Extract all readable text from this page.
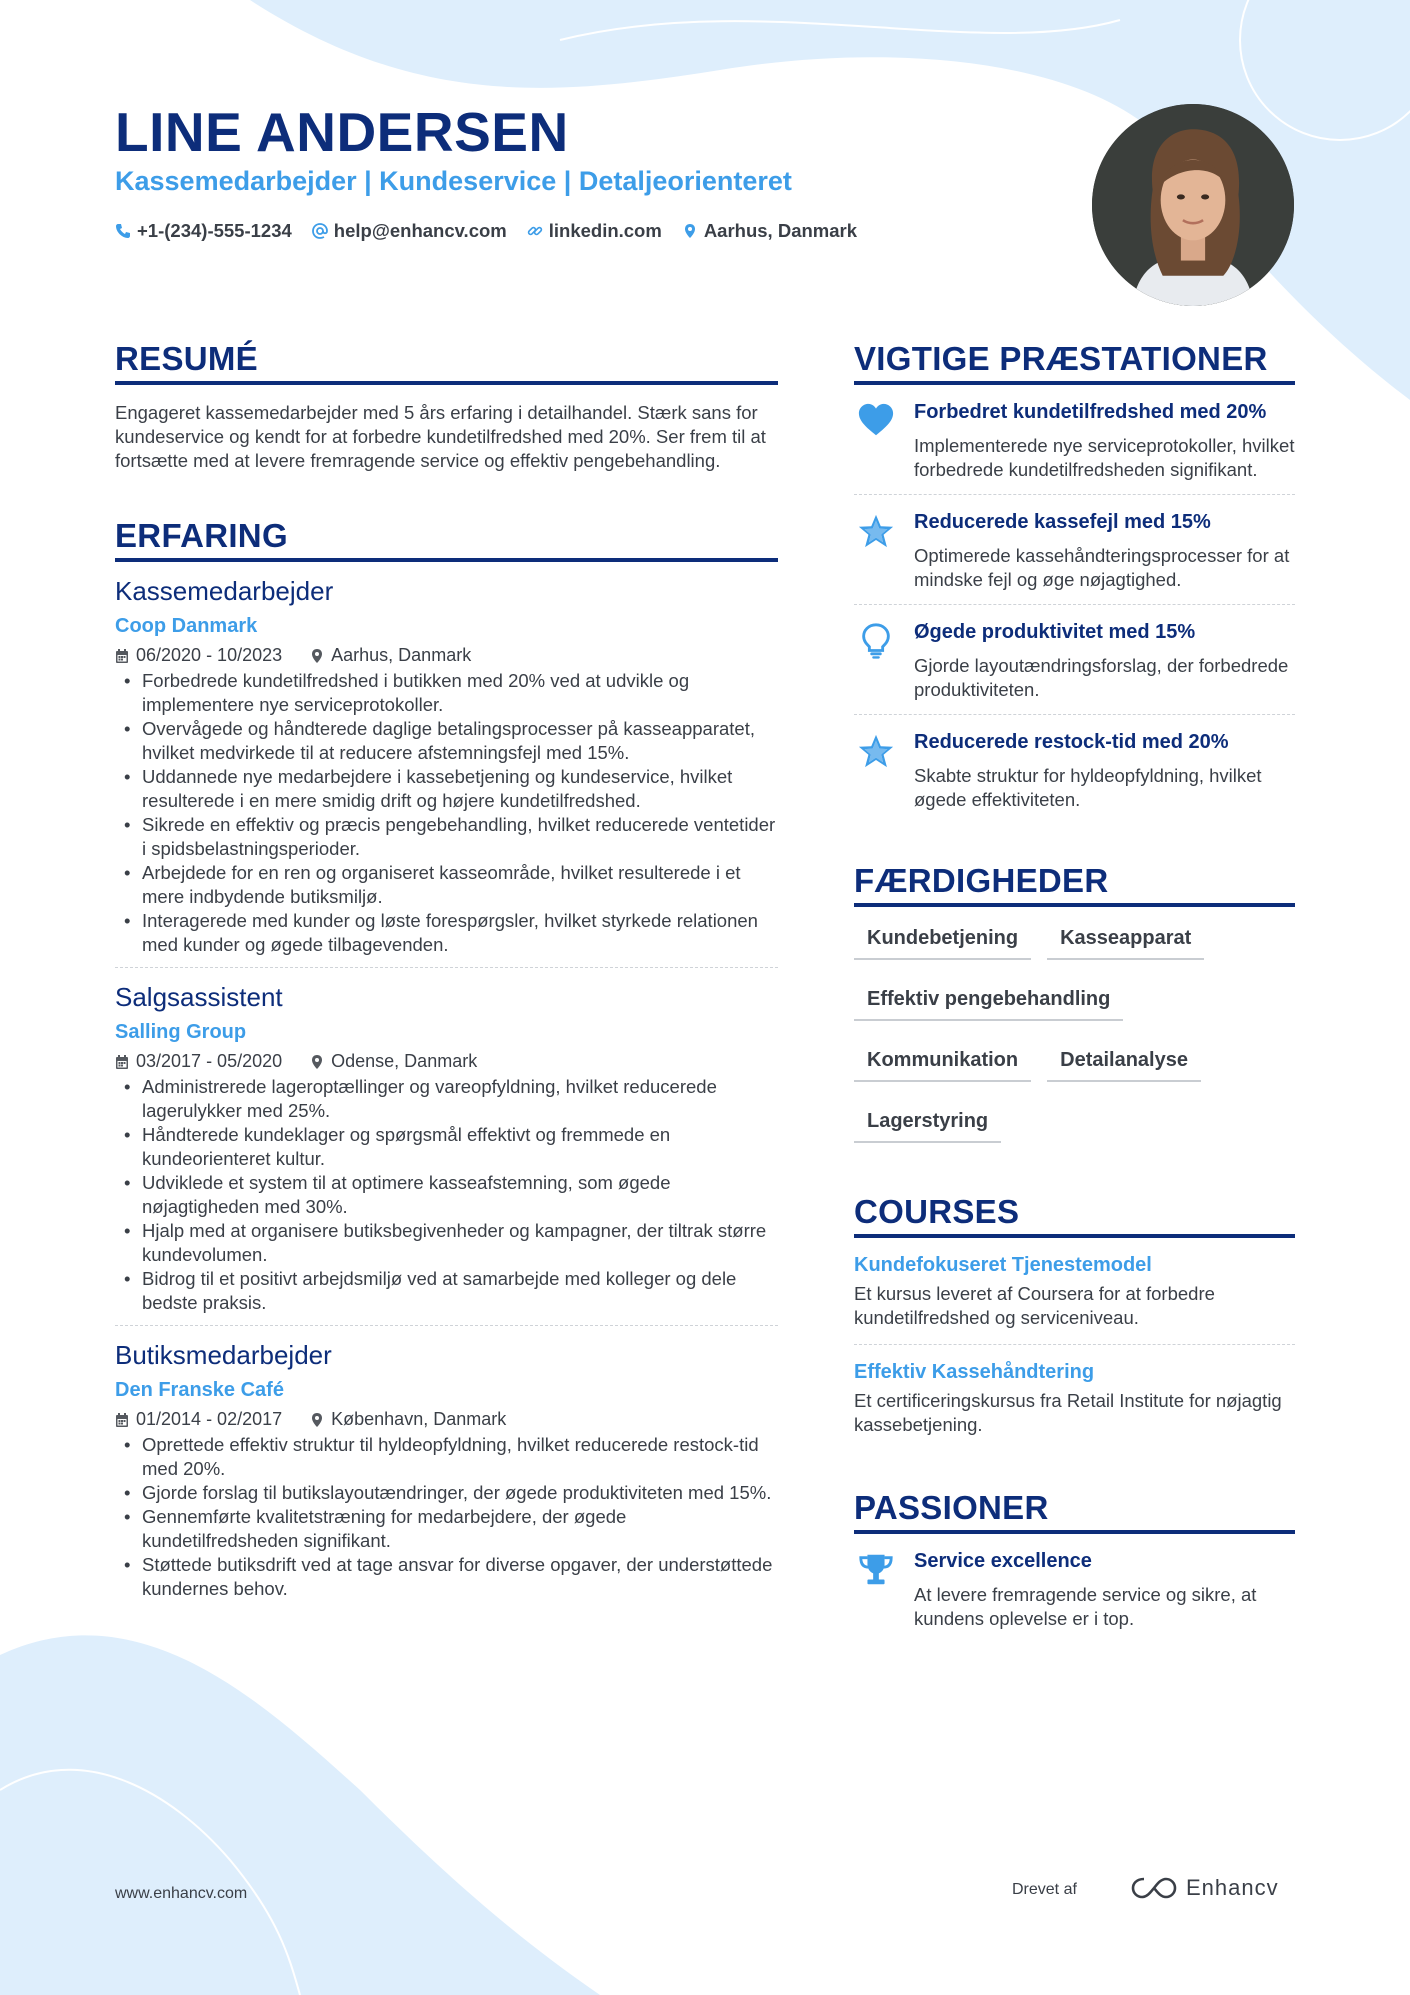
LINE ANDERSEN
Kassemedarbejder | Kundeservice | Detaljeorienteret
+1-(234)-555-1234 help@enhancv.com linkedin.com Aarhus, Danmark
RESUMÉ

Engageret kassemedarbejder med 5 års erfaring i detailhandel. Stærk sans for kundeservice og kendt for at forbedre kundetilfredshed med 20%. Ser frem til at fortsætte med at levere fremragende service og effektiv pengebehandling.

ERFARING
Kassemedarbejder
Coop Danmark
06/2020 - 10/2023	Aarhus, Danmark
• Forbedrede kundetilfredshed i butikken med 20% ved at udvikle og implementere nye serviceprotokoller.
• Overvågede og håndterede daglige betalingsprocesser på kasseapparatet, hvilket medvirkede til at reducere afstemningsfejl med 15%.
• Uddannede nye medarbejdere i kassebetjening og kundeservice, hvilket resulterede i en mere smidig drift og højere kundetilfredshed.
• Sikrede en effektiv og præcis pengebehandling, hvilket reducerede ventetider i spidsbelastningsperioder.
• Arbejdede for en ren og organiseret kasseområde, hvilket resulterede i et mere indbydende butiksmiljø.
• Interagerede med kunder og løste forespørgsler, hvilket styrkede relationen med kunder og øgede tilbagevenden.
Salgsassistent
Salling Group
03/2017 - 05/2020	Odense, Danmark
• Administrerede lageroptællinger og vareopfyldning, hvilket reducerede lagerulykker med 25%.
• Håndterede kundeklager og spørgsmål effektivt og fremmede en kundeorienteret kultur.
• Udviklede et system til at optimere kasseafstemning, som øgede nøjagtigheden med 30%.
• Hjalp med at organisere butiksbegivenheder og kampagner, der tiltrak større kundevolumen.
• Bidrog til et positivt arbejdsmiljø ved at samarbejde med kolleger og dele bedste praksis.
Butiksmedarbejder
Den Franske Café
01/2014 - 02/2017	København, Danmark
• Oprettede effektiv struktur til hyldeopfyldning, hvilket reducerede restock-tid med 20%.
• Gjorde forslag til butikslayoutændringer, der øgede produktiviteten med 15%.
• Gennemførte kvalitetstræning for medarbejdere, der øgede kundetilfredsheden signifikant.
• Støttede butiksdrift ved at tage ansvar for diverse opgaver, der understøttede kundernes behov.
VIGTIGE PRÆSTATIONER
Forbedret kundetilfredshed med 20%
Implementerede nye serviceprotokoller, hvilket forbedrede kundetilfredsheden signifikant.
Reducerede kassefejl med 15%
Optimerede kassehåndteringsprocesser for at mindske fejl og øge nøjagtighed.
Øgede produktivitet med 15%
Gjorde layoutændringsforslag, der forbedrede produktiviteten.
Reducerede restock-tid med 20%
Skabte struktur for hyldeopfyldning, hvilket øgede effektiviteten.
FÆRDIGHEDER
Kundebetjening	Kasseapparat
Effektiv pengebehandling
Kommunikation	Detailanalyse
Lagerstyring
COURSES
Kundefokuseret Tjenestemodel
Et kursus leveret af Coursera for at forbedre kundetilfredshed og serviceniveau.
Effektiv Kassehåndtering
Et certificeringskursus fra Retail Institute for nøjagtig kassebetjening.
PASSIONER
Service excellence
At levere fremragende service og sikre, at kundens oplevelse er i top.
www.enhancv.com	Drevet af	Enhancv
